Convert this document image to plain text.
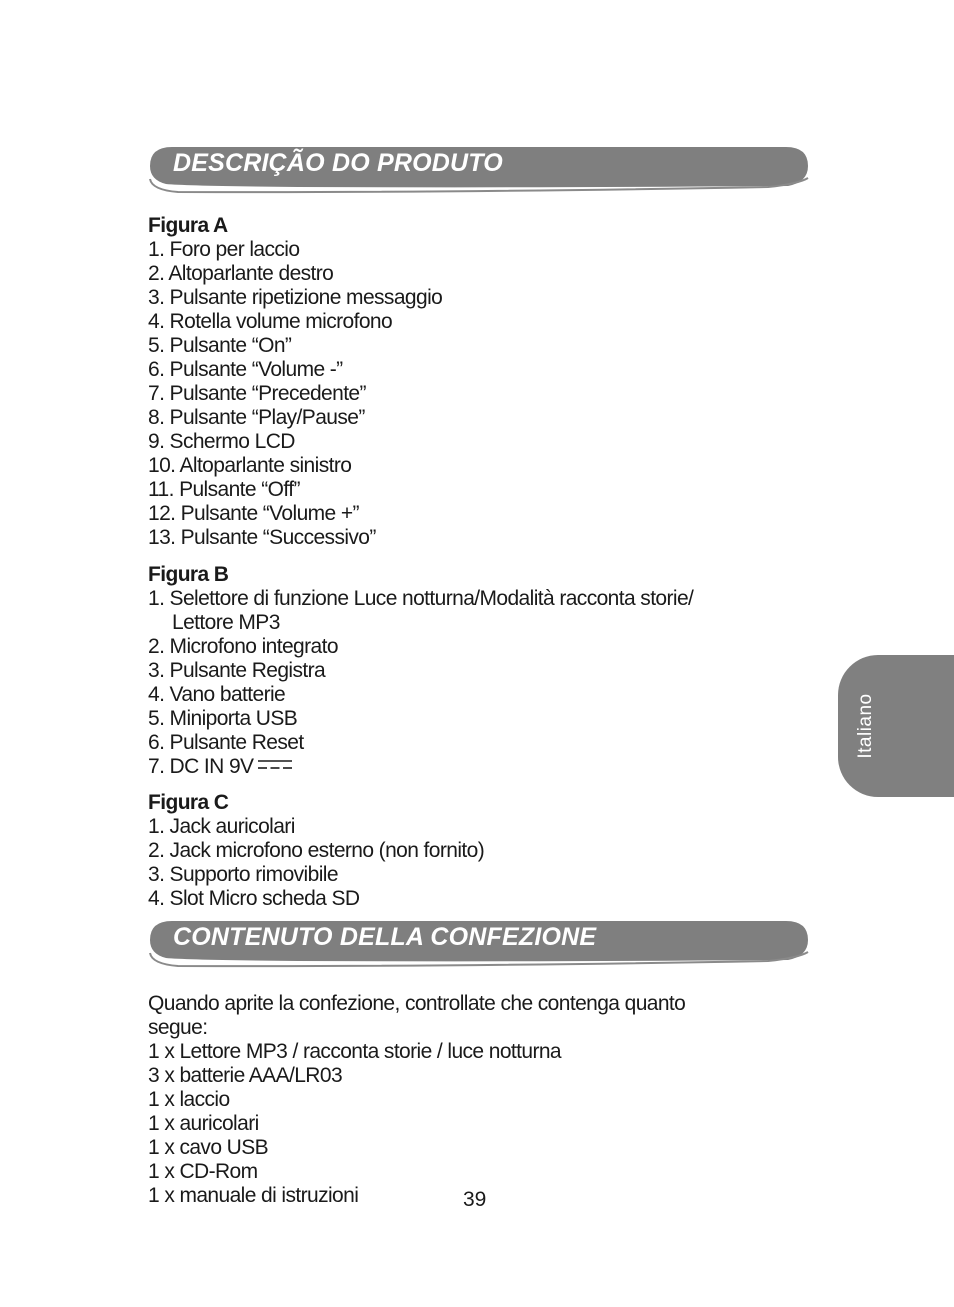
DESCRIÇÃO DO PRODUTO
Figura A
1. Foro per laccio
2. Altoparlante destro
3. Pulsante ripetizione messaggio
4. Rotella volume microfono
5. Pulsante “On”
6. Pulsante “Volume -”
7. Pulsante “Precedente”
8. Pulsante “Play/Pause”
9. Schermo LCD
10. Altoparlante sinistro
11. Pulsante “Off”
12. Pulsante “Volume +”
13. Pulsante “Successivo”
Figura B
1. Selettore di funzione Luce notturna/Modalità racconta storie/
Lettore MP3
2. Microfono integrato
3. Pulsante Registra
4. Vano batterie
5. Miniporta USB
6. Pulsante Reset
7. DC IN 9V
Figura C
1. Jack auricolari
2. Jack microfono esterno (non fornito)
3. Supporto rimovibile
4. Slot Micro scheda SD
CONTENUTO DELLA CONFEZIONE
Quando aprite la confezione, controllate che contenga quanto
segue:
1 x Lettore MP3 / racconta storie / luce notturna
3 x batterie AAA/LR03
1 x laccio
1 x auricolari
1 x cavo USB
1 x CD-Rom
1 x manuale di istruzioni
Italiano
39
